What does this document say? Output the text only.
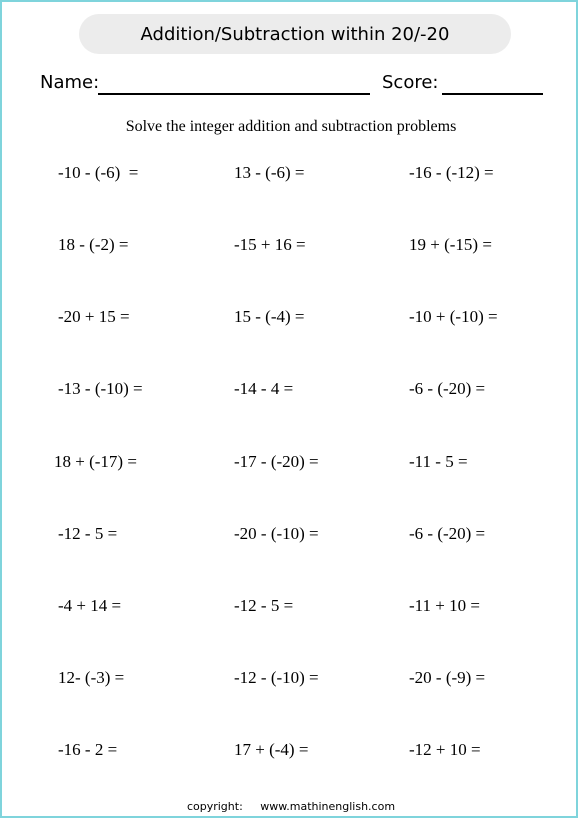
Addition/Subtraction within 20/-20
Name:	Score:
Solve the integer addition and subtraction problems
-10 - (-6)  =	13 - (-6) =	-16 - (-12) =
18 - (-2) =	-15 + 16 =	19 + (-15) =
-20 + 15 =	15 - (-4) =	-10 + (-10) =
-13 - (-10) =	-14 - 4 =	-6 - (-20) =
18 + (-17) =	-17 - (-20) =	-11 - 5 =
-12 - 5 =	-20 - (-10) =	-6 - (-20) =
-4 + 14 =	-12 - 5 =	-11 + 10 =
12- (-3) =	-12 - (-10) =	-20 - (-9) =
-16 - 2 =	17 + (-4) =	-12 + 10 =
copyright: www.mathinenglish.com
